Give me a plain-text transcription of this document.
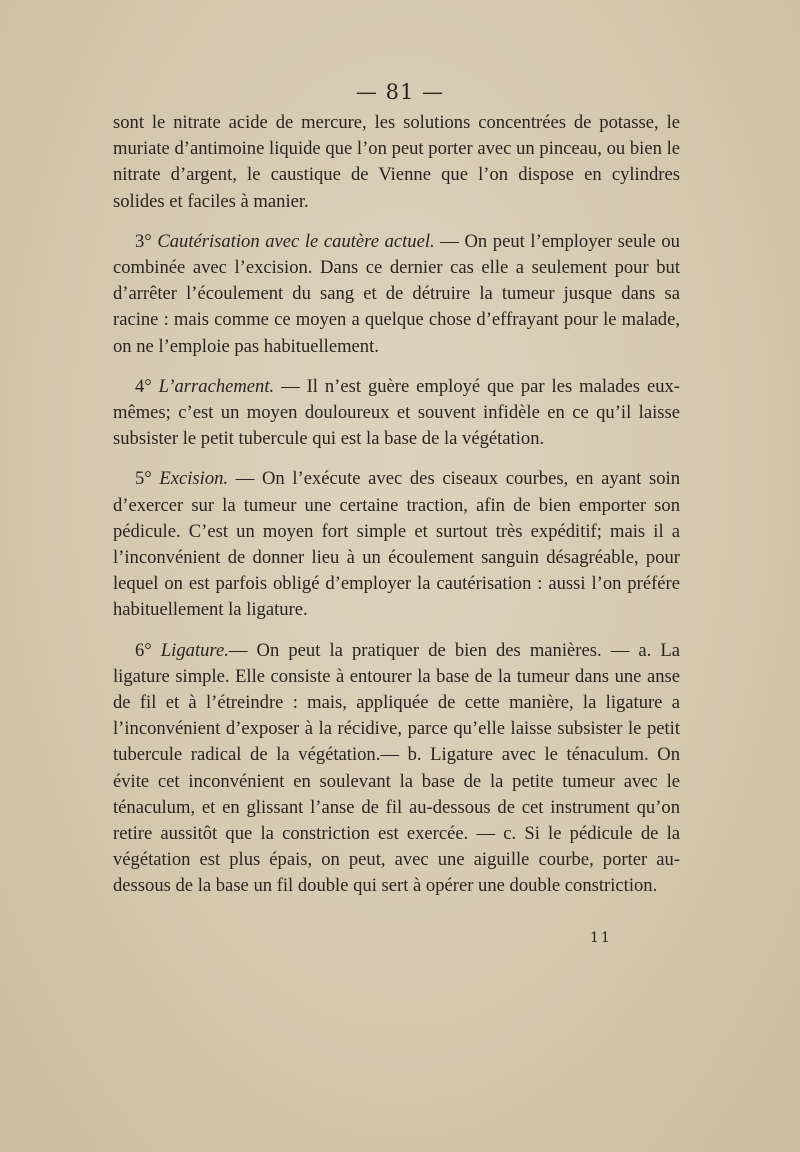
— 81 —

sont le nitrate acide de mercure, les solutions concentrées de potasse, le muriate d’antimoine liquide que l’on peut porter avec un pinceau, ou bien le nitrate d’argent, le caustique de Vienne que l’on dispose en cylindres solides et faciles à manier.

3° Cautérisation avec le cautère actuel. — On peut l’employer seule ou combinée avec l’excision. Dans ce dernier cas elle a seulement pour but d’arrêter l’écoulement du sang et de détruire la tumeur jusque dans sa racine : mais comme ce moyen a quelque chose d’effrayant pour le malade, on ne l’emploie pas habituellement.

4° L’arrachement. — Il n’est guère employé que par les malades eux-mêmes; c’est un moyen douloureux et souvent infidèle en ce qu’il laisse subsister le petit tubercule qui est la base de la végétation.

5° Excision. — On l’exécute avec des ciseaux courbes, en ayant soin d’exercer sur la tumeur une certaine traction, afin de bien emporter son pédicule. C’est un moyen fort simple et surtout très expéditif; mais il a l’inconvénient de donner lieu à un écoulement sanguin désagréable, pour lequel on est parfois obligé d’employer la cautérisation : aussi l’on préfére habituellement la ligature.

6° Ligature.— On peut la pratiquer de bien des manières. — a. La ligature simple. Elle consiste à entourer la base de la tumeur dans une anse de fil et à l’étreindre : mais, appliquée de cette manière, la ligature a l’inconvénient d’exposer à la récidive, parce qu’elle laisse subsister le petit tubercule radical de la végétation.— b. Ligature avec le ténaculum. On évite cet inconvénient en soulevant la base de la petite tumeur avec le ténaculum, et en glissant l’anse de fil au-dessous de cet instrument qu’on retire aussitôt que la constriction est exercée. — c. Si le pédicule de la végétation est plus épais, on peut, avec une aiguille courbe, porter au-dessous de la base un fil double qui sert à opérer une double constriction.

11
